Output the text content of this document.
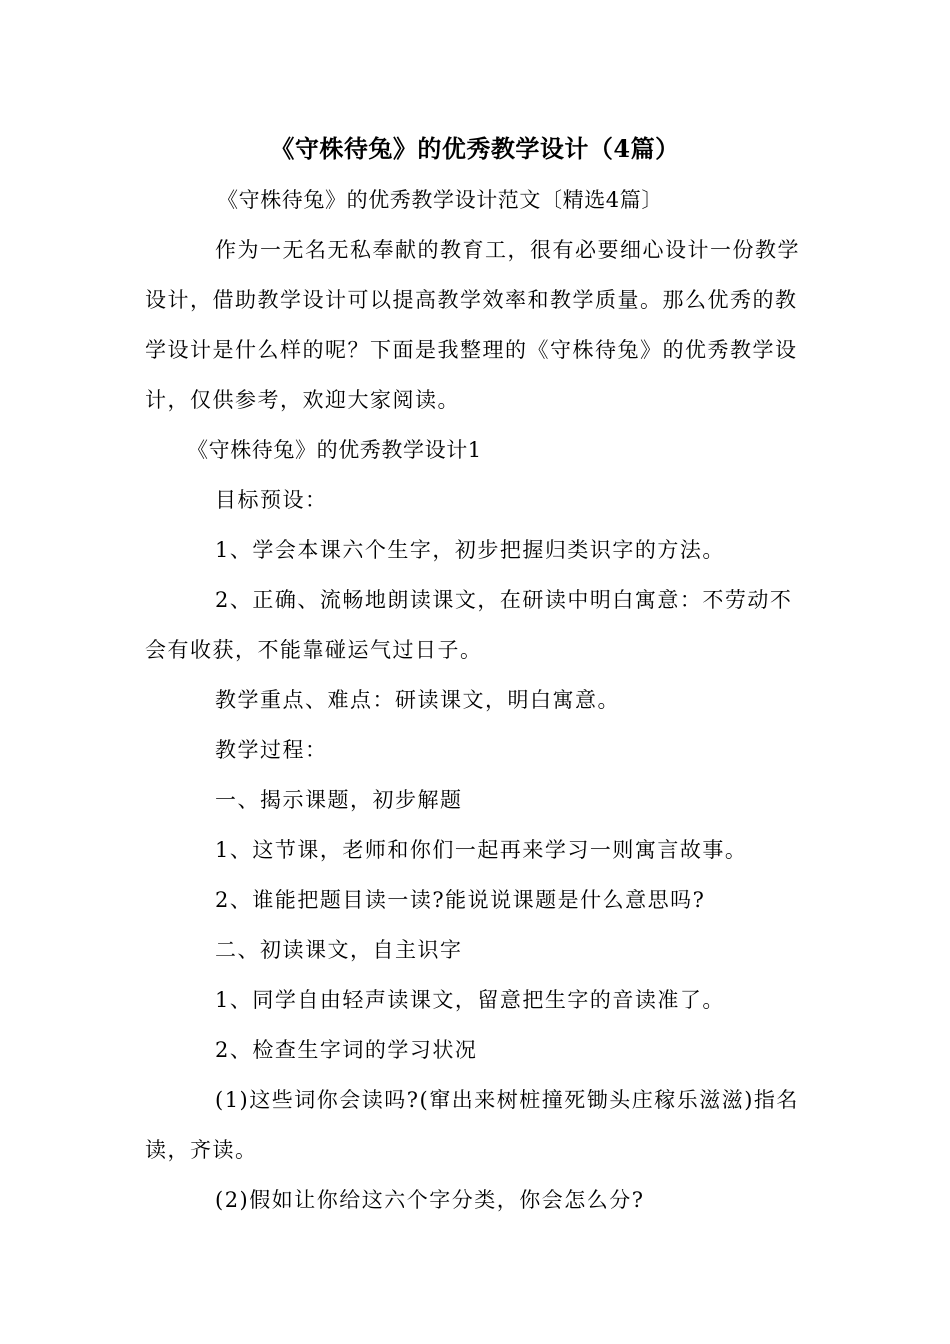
《守株待兔》的优秀教学设计（4篇）

《守株待兔》的优秀教学设计范文〔精选4篇〕

作为一无名无私奉献的教育工，很有必要细心设计一份教学设计，借助教学设计可以提高教学效率和教学质量。那么优秀的教学设计是什么样的呢？下面是我整理的《守株待兔》的优秀教学设计，仅供参考，欢迎大家阅读。

《守株待兔》的优秀教学设计1

目标预设：

1、学会本课六个生字，初步把握归类识字的方法。

2、正确、流畅地朗读课文，在研读中明白寓意：不劳动不会有收获，不能靠碰运气过日子。

教学重点、难点：研读课文，明白寓意。

教学过程：

一、揭示课题，初步解题

1、这节课，老师和你们一起再来学习一则寓言故事。

2、谁能把题目读一读?能说说课题是什么意思吗?

二、初读课文，自主识字

1、同学自由轻声读课文，留意把生字的音读准了。

2、检查生字词的学习状况

(1)这些词你会读吗?(窜出来树桩撞死锄头庄稼乐滋滋)指名读，齐读。

(2)假如让你给这六个字分类，你会怎么分?
